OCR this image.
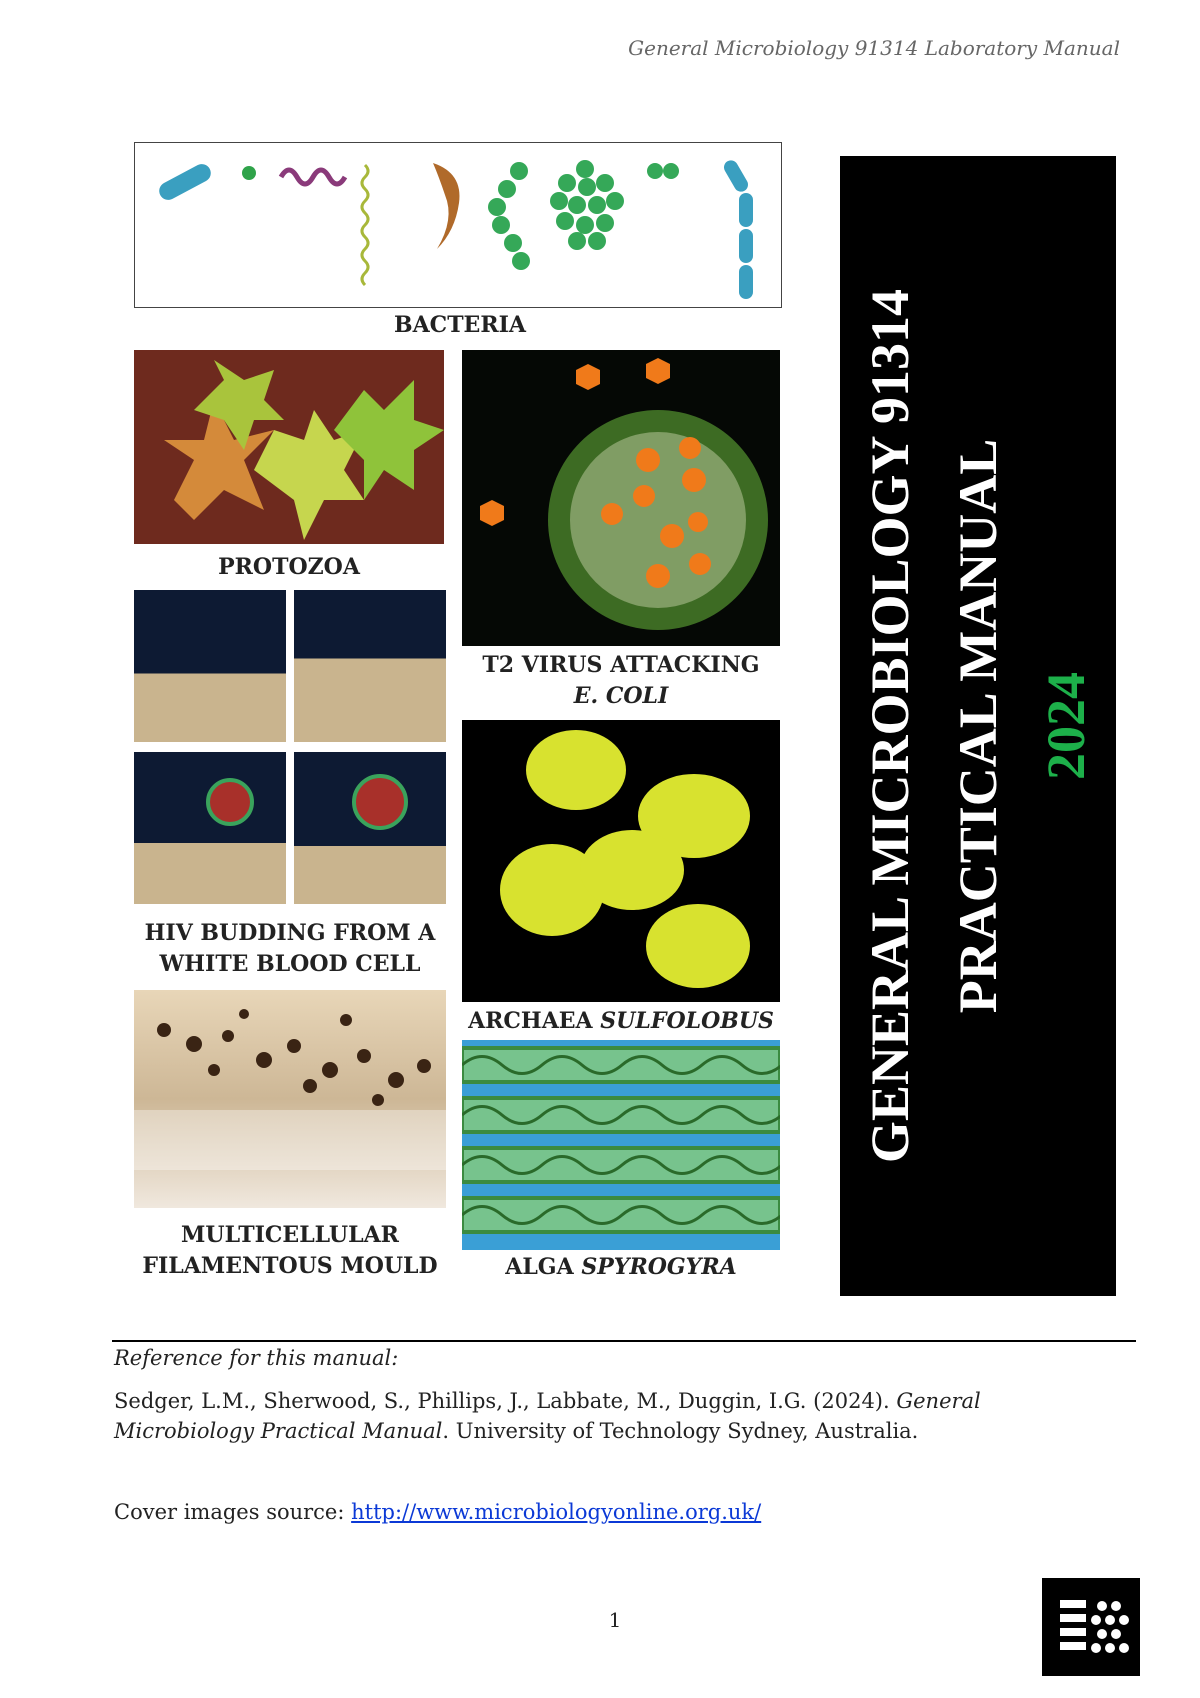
General Microbiology 91314 Laboratory Manual
BACTERIA
PROTOZOA
T2 VIRUS ATTACKING
E. COLI
HIV BUDDING FROM A
WHITE BLOOD CELL
ARCHAEA SULFOLOBUS
MULTICELLULAR
FILAMENTOUS MOULD	ALGA SPYROGYRA
GENERAL MICROBIOLOGY 91314 PRACTICAL MANUAL 2024
Reference for this manual:
Sedger, L.M., Sherwood, S., Phillips, J., Labbate, M., Duggin, I.G. (2024). General Microbiology Practical Manual. University of Technology Sydney, Australia.
Cover images source: http://www.microbiologyonline.org.uk/
1
